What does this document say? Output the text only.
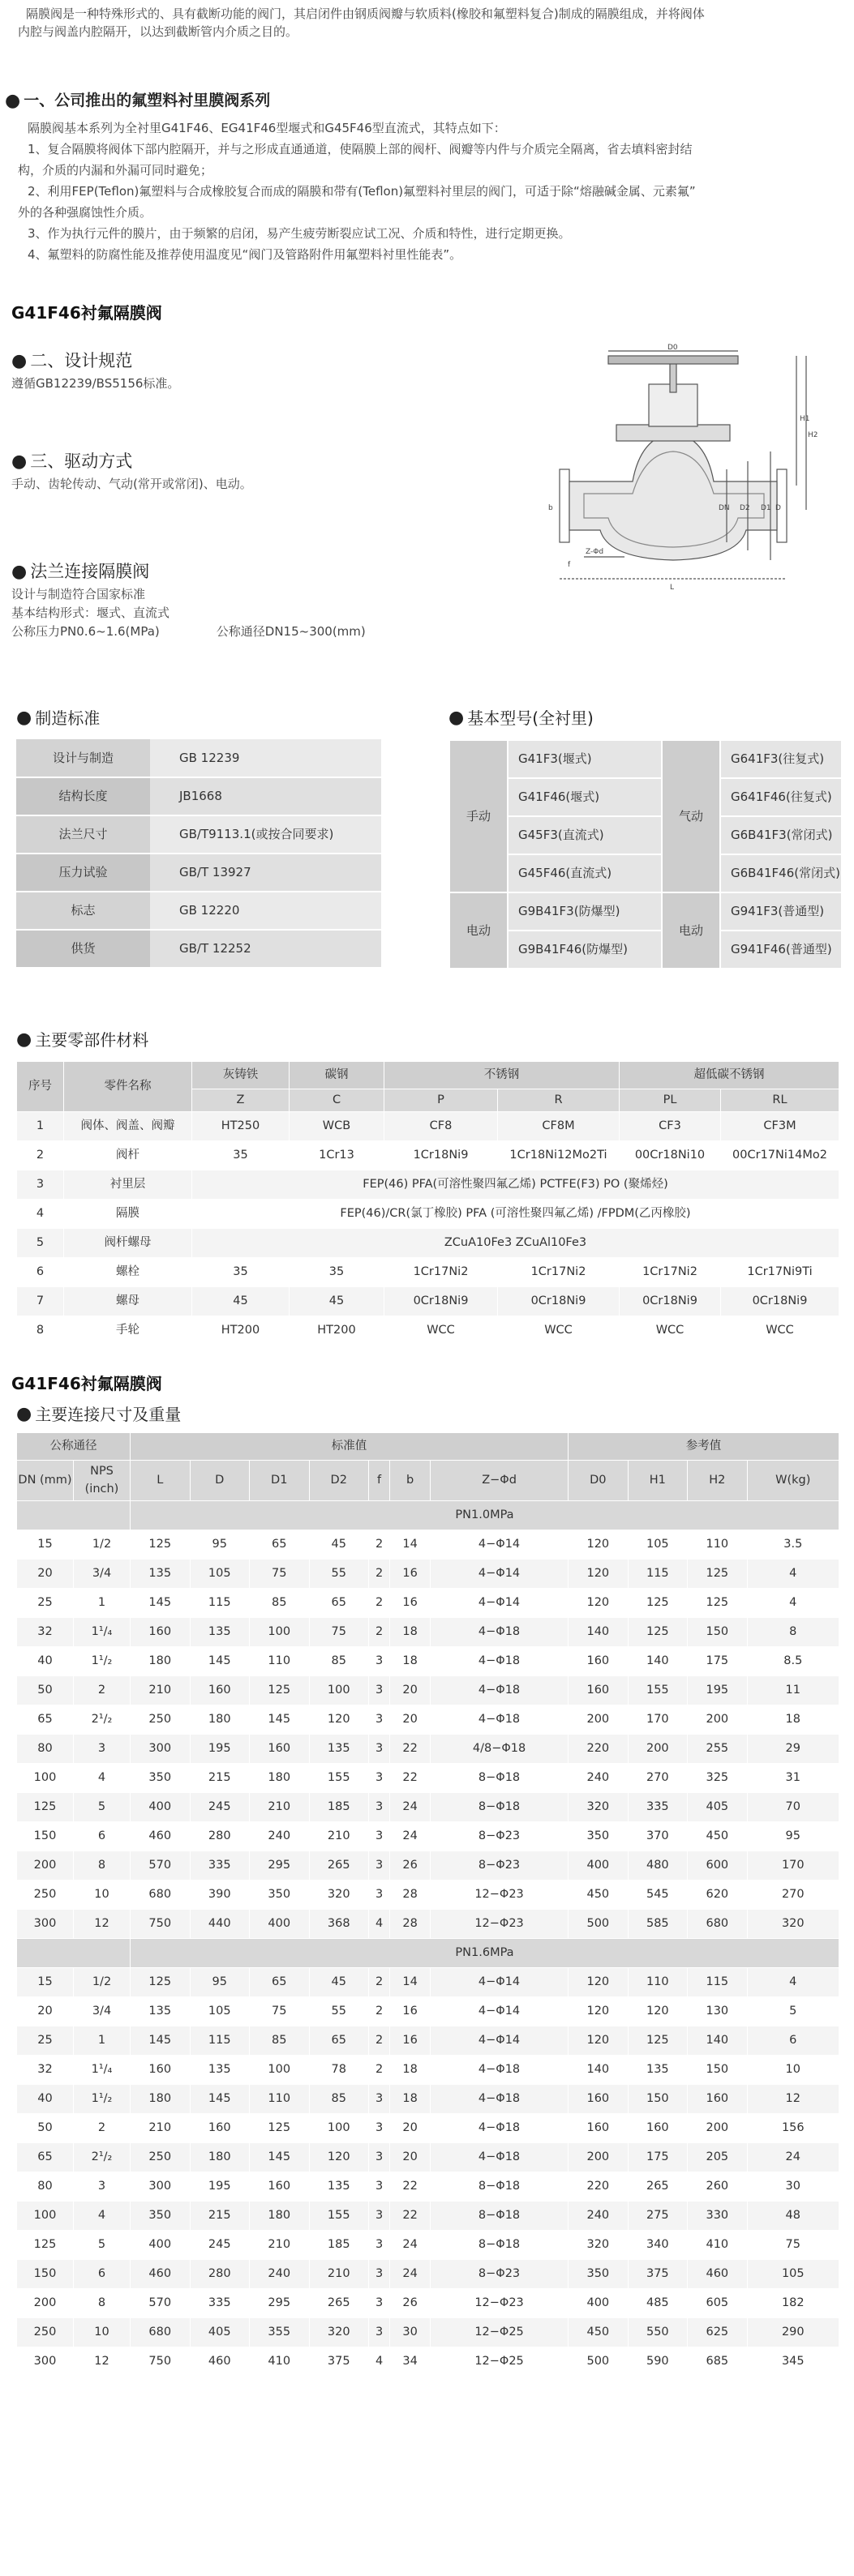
隔膜阀是一种特殊形式的、具有截断功能的阀门，其启闭件由钢质阀瓣与软质料(橡胶和氟塑料复合)制成的隔膜组成，并将阀体

内腔与阀盖内腔隔开，以达到截断管内介质之目的。

● 一、公司推出的氟塑料衬里膜阀系列

隔膜阀基本系列为全衬里G41F46、EG41F46型堰式和G45F46型直流式，其特点如下：

1、复合隔膜将阀体下部内腔隔开，并与之形成直通通道，使隔膜上部的阀杆、阀瓣等内件与介质完全隔离，省去填料密封结

构，介质的内漏和外漏可同时避免；

2、利用FEP(Teflon)氟塑料与合成橡胶复合而成的隔膜和带有(Teflon)氟塑料衬里层的阀门，可适于除“熔融碱金属、元素氟”

外的各种强腐蚀性介质。

3、作为执行元件的膜片，由于频繁的启闭，易产生疲劳断裂应试工况、介质和特性，进行定期更换。

4、氟塑料的防腐性能及推荐使用温度见“阀门及管路附件用氟塑料衬里性能表”。

G41F46衬氟隔膜阀
● 二、设计规范
遵循GB12239/BS5156标准。
● 三、驱动方式
手动、齿轮传动、气动(常开或常闭)、电动。
● 法兰连接隔膜阀
设计与制造符合国家标准
基本结构形式：堰式、直流式
公称压力PN0.6~1.6(MPa)	公称通径DN15~300(mm)
D0
H1
H2
DN D2 D1 D
Z-Φd
f
b
L
● 制造标准
设计与制造	GB 12239
结构长度	JB1668
法兰尺寸	GB/T9113.1(或按合同要求)
压力试验	GB/T 13927
标志	GB 12220
供货	GB/T 12252
● 基本型号(全衬里)
手动	G41F3(堰式)	气动	G641F3(往复式)
	G41F46(堰式)		G641F46(往复式)
	G45F3(直流式)		G6B41F3(常闭式)
	G45F46(直流式)		G6B41F46(常闭式)
电动	G9B41F3(防爆型)	电动	G941F3(普通型)
	G9B41F46(防爆型)		G941F46(普通型)
● 主要零部件材料
序号	零件名称	灰铸铁	碳钢	不锈钢		超低碳不锈钢	
		Z	C	P	R	PL	RL
1	阀体、阀盖、阀瓣	HT250	WCB	CF8	CF8M	CF3	CF3M
2	阀杆	35	1Cr13	1Cr18Ni9	1Cr18Ni12Mo2Ti	00Cr18Ni10	00Cr17Ni14Mo2
3	衬里层	FEP(46) PFA(可溶性聚四氟乙烯) PCTFE(F3) PO (聚烯烃)					
4	隔膜	FEP(46)/CR(氯丁橡胶) PFA (可溶性聚四氟乙烯) /FPDM(乙丙橡胶)					
5	阀杆螺母	ZCuA10Fe3 ZCuAl10Fe3					
6	螺栓	35	35	1Cr17Ni2	1Cr17Ni2	1Cr17Ni2	1Cr17Ni9Ti
7	螺母	45	45	0Cr18Ni9	0Cr18Ni9	0Cr18Ni9	0Cr18Ni9
8	手轮	HT200	HT200	WCC	WCC	WCC	WCC
G41F46衬氟隔膜阀
● 主要连接尺寸及重量
公称通径		标准值							参考值			
DN (mm)	NPS (inch)	L	D	D1	D2	f	b	Z−Φd	D0	H1	H2	W(kg)
		PN1.0MPa										
15	1/2	125	95	65	45	2	14	4−Φ14	120	105	110	3.5
20	3/4	135	105	75	55	2	16	4−Φ14	120	115	125	4
25	1	145	115	85	65	2	16	4−Φ14	120	125	125	4
32	1¹/₄	160	135	100	75	2	18	4−Φ18	140	125	150	8
40	1¹/₂	180	145	110	85	3	18	4−Φ18	160	140	175	8.5
50	2	210	160	125	100	3	20	4−Φ18	160	155	195	11
65	2¹/₂	250	180	145	120	3	20	4−Φ18	200	170	200	18
80	3	300	195	160	135	3	22	4/8−Φ18	220	200	255	29
100	4	350	215	180	155	3	22	8−Φ18	240	270	325	31
125	5	400	245	210	185	3	24	8−Φ18	320	335	405	70
150	6	460	280	240	210	3	24	8−Φ23	350	370	450	95
200	8	570	335	295	265	3	26	8−Φ23	400	480	600	170
250	10	680	390	350	320	3	28	12−Φ23	450	545	620	270
300	12	750	440	400	368	4	28	12−Φ23	500	585	680	320
		PN1.6MPa										
15	1/2	125	95	65	45	2	14	4−Φ14	120	110	115	4
20	3/4	135	105	75	55	2	16	4−Φ14	120	120	130	5
25	1	145	115	85	65	2	16	4−Φ14	120	125	140	6
32	1¹/₄	160	135	100	78	2	18	4−Φ18	140	135	150	10
40	1¹/₂	180	145	110	85	3	18	4−Φ18	160	150	160	12
50	2	210	160	125	100	3	20	4−Φ18	160	160	200	156
65	2¹/₂	250	180	145	120	3	20	4−Φ18	200	175	205	24
80	3	300	195	160	135	3	22	8−Φ18	220	265	260	30
100	4	350	215	180	155	3	22	8−Φ18	240	275	330	48
125	5	400	245	210	185	3	24	8−Φ18	320	340	410	75
150	6	460	280	240	210	3	24	8−Φ23	350	375	460	105
200	8	570	335	295	265	3	26	12−Φ23	400	485	605	182
250	10	680	405	355	320	3	30	12−Φ25	450	550	625	290
300	12	750	460	410	375	4	34	12−Φ25	500	590	685	345
